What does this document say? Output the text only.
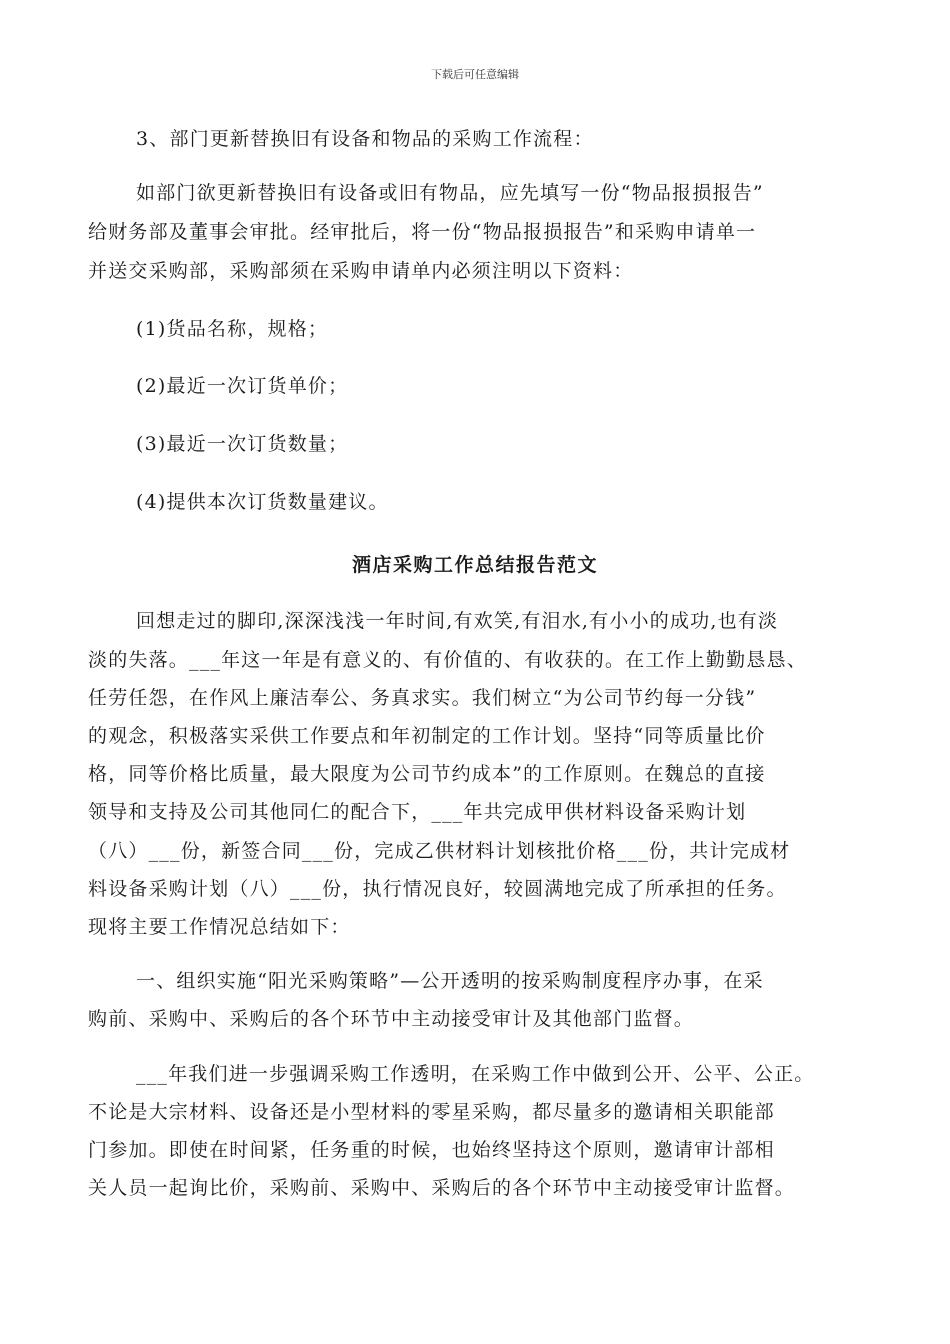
下载后可任意编辑
3、部门更新替换旧有设备和物品的采购工作流程：
如部门欲更新替换旧有设备或旧有物品，应先填写一份“物品报损报告”
给财务部及董事会审批。经审批后，将一份“物品报损报告”和采购申请单一
并送交采购部，采购部须在采购申请单内必须注明以下资料：
(1)货品名称，规格；
(2)最近一次订货单价；
(3)最近一次订货数量；
(4)提供本次订货数量建议。
酒店采购工作总结报告范文
回想走过的脚印,深深浅浅一年时间,有欢笑,有泪水,有小小的成功,也有淡
淡的失落。___年这一年是有意义的、有价值的、有收获的。在工作上勤勤恳恳、
任劳任怨，在作风上廉洁奉公、务真求实。我们树立“为公司节约每一分钱”
的观念，积极落实采供工作要点和年初制定的工作计划。坚持“同等质量比价
格，同等价格比质量，最大限度为公司节约成本”的工作原则。在魏总的直接
领导和支持及公司其他同仁的配合下，___年共完成甲供材料设备采购计划
（八）___份，新签合同___份，完成乙供材料计划核批价格___份，共计完成材
料设备采购计划（八）___份，执行情况良好，较圆满地完成了所承担的任务。
现将主要工作情况总结如下：
一、组织实施“阳光采购策略”—公开透明的按采购制度程序办事，在采
购前、采购中、采购后的各个环节中主动接受审计及其他部门监督。
___年我们进一步强调采购工作透明，在采购工作中做到公开、公平、公正。
不论是大宗材料、设备还是小型材料的零星采购，都尽量多的邀请相关职能部
门参加。即使在时间紧，任务重的时候，也始终坚持这个原则，邀请审计部相
关人员一起询比价，采购前、采购中、采购后的各个环节中主动接受审计监督。
